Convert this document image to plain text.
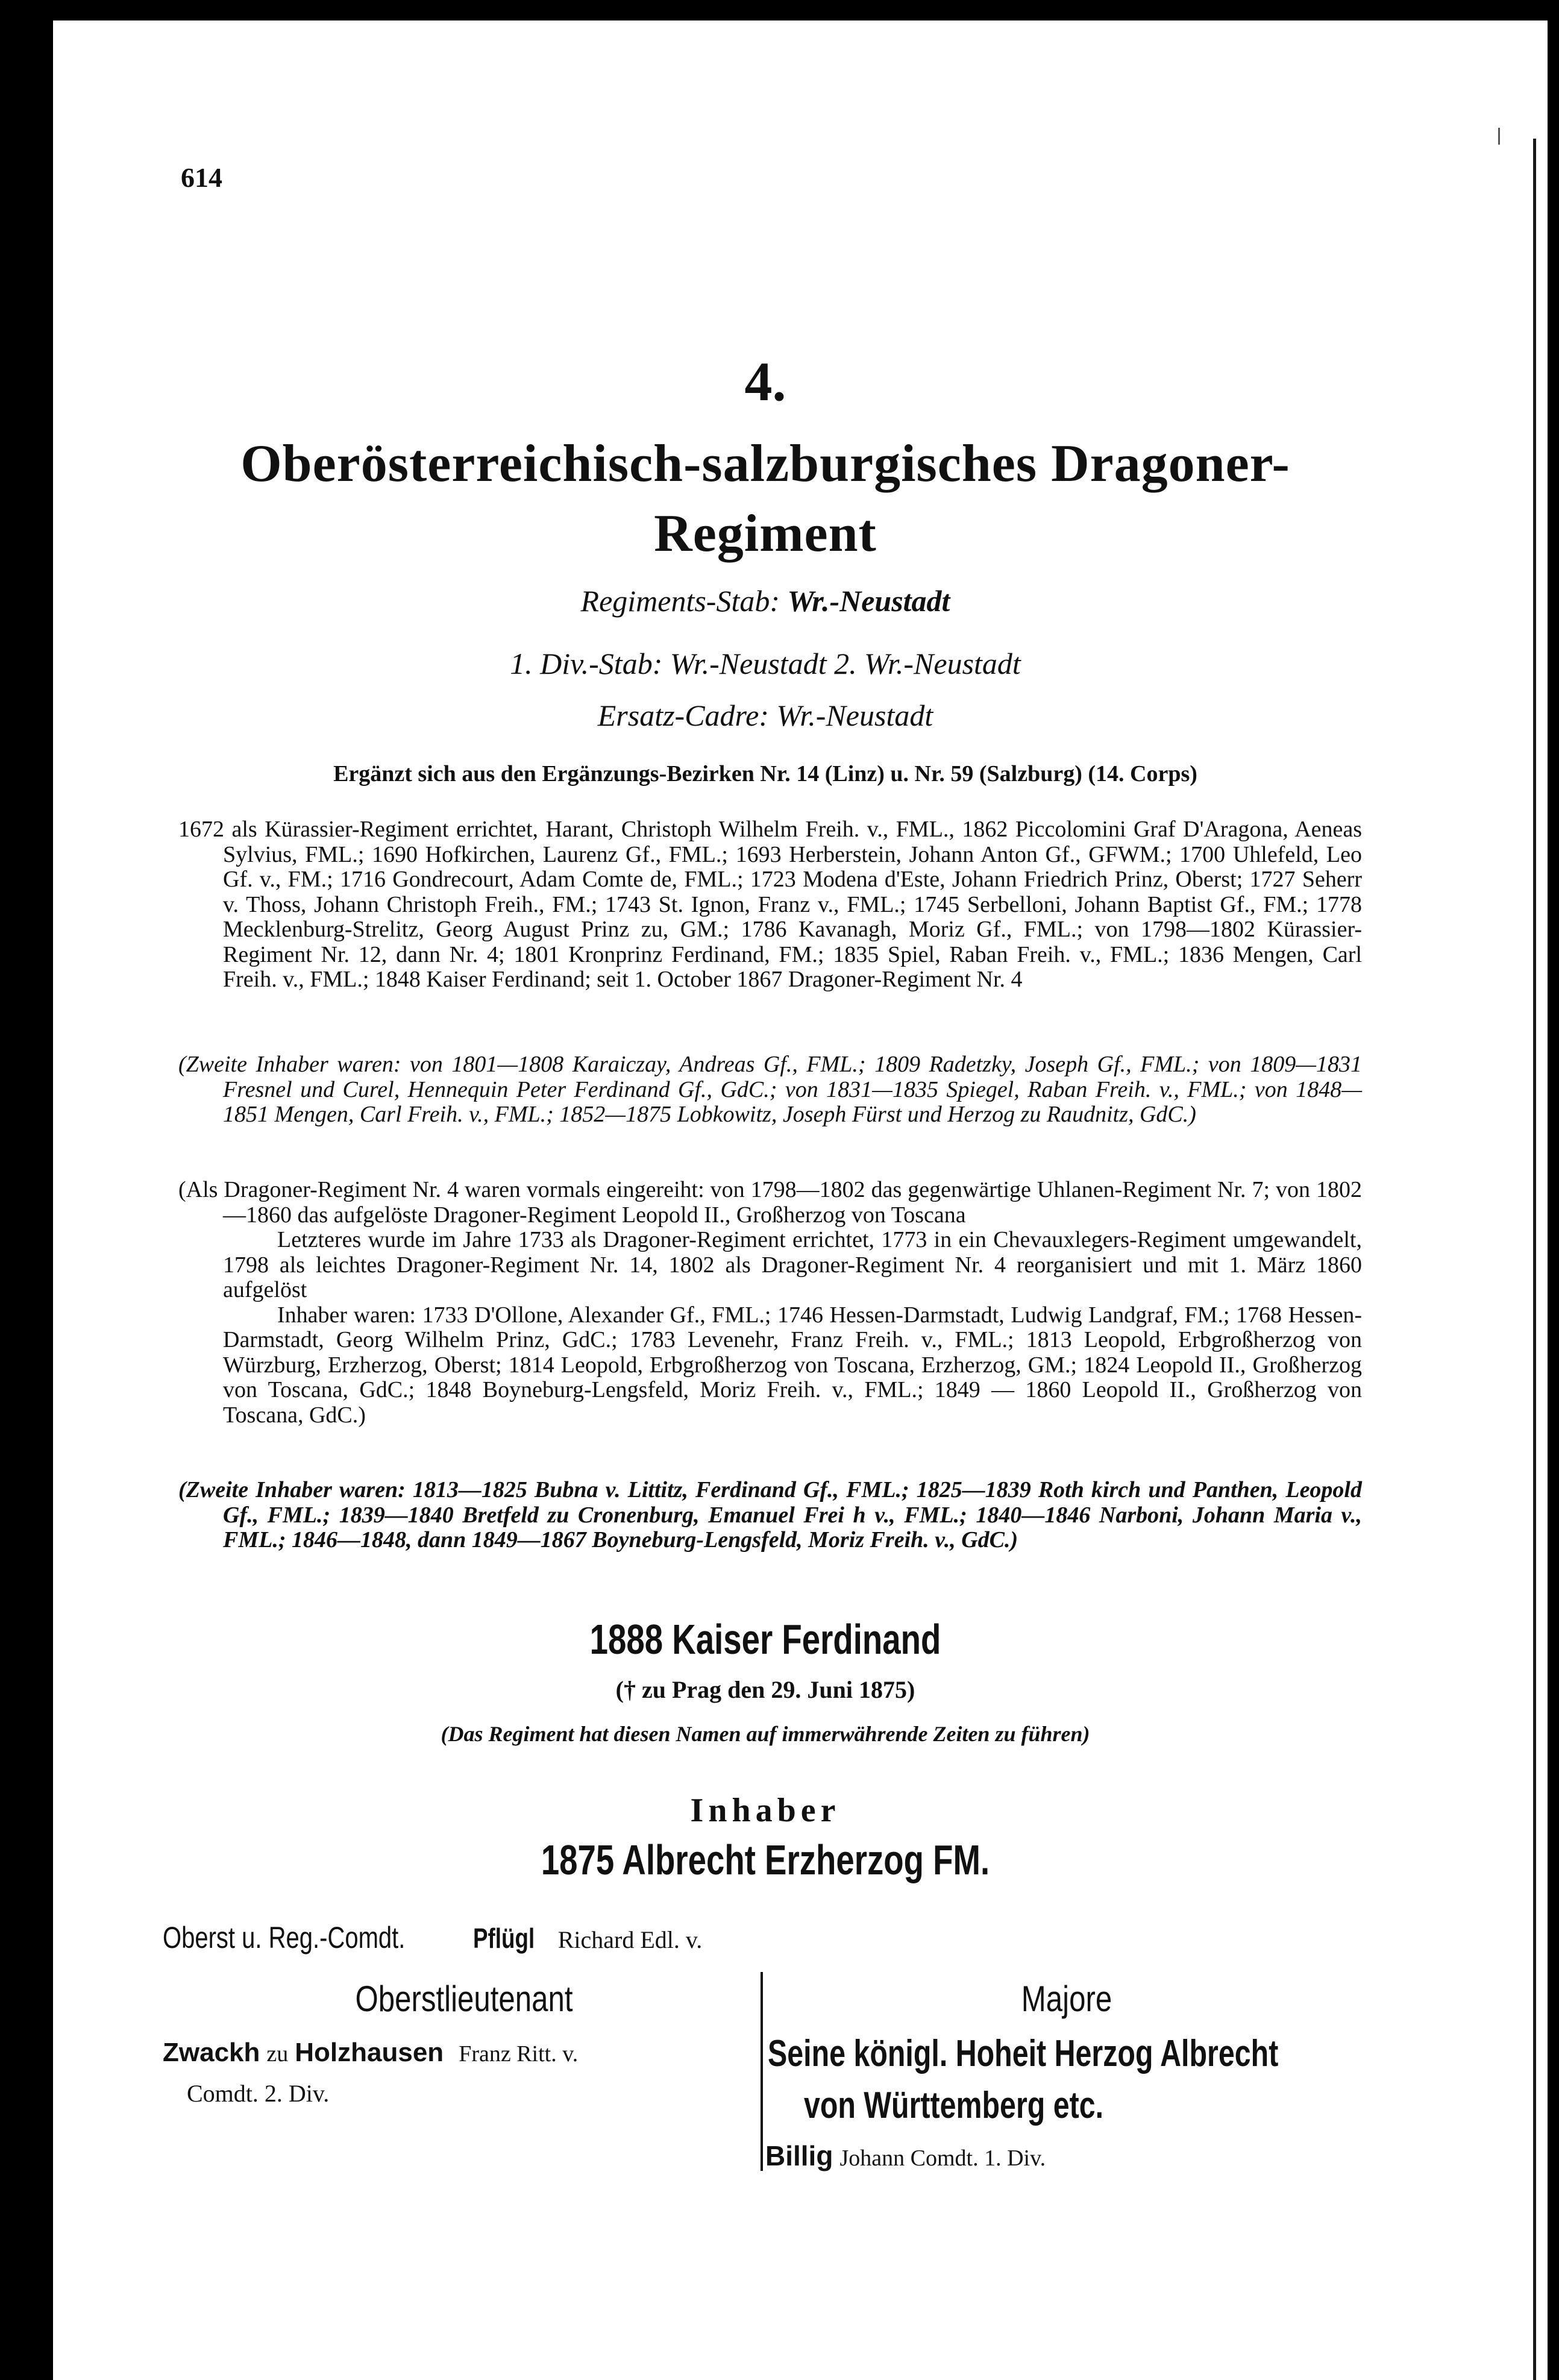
614
4.
Oberösterreichisch-salzburgisches Dragoner-
Regiment
Regiments-Stab: Wr.-Neustadt
1. Div.-Stab: Wr.-Neustadt 2. Wr.-Neustadt
Ersatz-Cadre: Wr.-Neustadt
Ergänzt sich aus den Ergänzungs-Bezirken Nr. 14 (Linz) u. Nr. 59 (Salzburg) (14. Corps)

1672 als Kürassier-Regiment errichtet, Harant, Christoph Wilhelm Freih. v., FML., 1862 Piccolomini Graf D'Aragona, Aeneas Sylvius, FML.; 1690 Hofkirchen, Laurenz Gf., FML.; 1693 Herberstein, Johann Anton Gf., GFWM.; 1700 Uhlefeld, Leo Gf. v., FM.; 1716 Gondrecourt, Adam Comte de, FML.; 1723 Modena d'Este, Johann Friedrich Prinz, Oberst; 1727 Seherr v. Thoss, Johann Christoph Freih., FM.; 1743 St. Ignon, Franz v., FML.; 1745 Serbelloni, Johann Baptist Gf., FM.; 1778 Mecklenburg-Strelitz, Georg August Prinz zu, GM.; 1786 Kavanagh, Moriz Gf., FML.; von 1798—1802 Kürassier-Regiment Nr. 12, dann Nr. 4; 1801 Kronprinz Ferdinand, FM.; 1835 Spiel, Raban Freih. v., FML.; 1836 Mengen, Carl Freih. v., FML.; 1848 Kaiser Ferdinand; seit 1. October 1867 Dragoner-Regiment Nr. 4

(Zweite Inhaber waren: von 1801—1808 Karaiczay, Andreas Gf., FML.; 1809 Radetzky, Joseph Gf., FML.; von 1809—1831 Fresnel und Curel, Hennequin Peter Ferdinand Gf., GdC.; von 1831—1835 Spiegel, Raban Freih. v., FML.; von 1848—1851 Mengen, Carl Freih. v., FML.; 1852—1875 Lobkowitz, Joseph Fürst und Herzog zu Raudnitz, GdC.)

(Als Dragoner-Regiment Nr. 4 waren vormals eingereiht: von 1798—1802 das gegenwärtige Uhlanen-Regiment Nr. 7; von 1802—1860 das aufgelöste Dragoner-Regiment Leopold II., Großherzog von Toscana

Letzteres wurde im Jahre 1733 als Dragoner-Regiment errichtet, 1773 in ein Chevauxlegers-Regiment umgewandelt, 1798 als leichtes Dragoner-Regiment Nr. 14, 1802 als Dragoner-Regiment Nr. 4 reorganisiert und mit 1. März 1860 aufgelöst

Inhaber waren: 1733 D'Ollone, Alexander Gf., FML.; 1746 Hessen-Darmstadt, Ludwig Landgraf, FM.; 1768 Hessen-Darmstadt, Georg Wilhelm Prinz, GdC.; 1783 Levenehr, Franz Freih. v., FML.; 1813 Leopold, Erbgroßherzog von Würzburg, Erzherzog, Oberst; 1814 Leopold, Erbgroßherzog von Toscana, Erzherzog, GM.; 1824 Leopold II., Großherzog von Toscana, GdC.; 1848 Boyneburg-Lengsfeld, Moriz Freih. v., FML.; 1849 — 1860 Leopold II., Großherzog von Toscana, GdC.)

(Zweite Inhaber waren: 1813—1825 Bubna v. Littitz, Ferdinand Gf., FML.; 1825—1839 Roth kirch und Panthen, Leopold Gf., FML.; 1839—1840 Bretfeld zu Cronenburg, Emanuel Frei h v., FML.; 1840—1846 Narboni, Johann Maria v., FML.; 1846—1848, dann 1849—1867 Boyneburg-Lengsfeld, Moriz Freih. v., GdC.)

1888 Kaiser Ferdinand
(† zu Prag den 29. Juni 1875)
(Das Regiment hat diesen Namen auf immerwährende Zeiten zu führen)
Inhaber
1875 Albrecht Erzherzog FM.
Oberst u. Reg.-Comdt. Pflügl Richard Edl. v.
Oberstlieutenant	Majore
Zwackh zu Holzhausen Franz Ritt. v.
Comdt. 2. Div.
Seine königl. Hoheit Herzog Albrecht
von Württemberg etc.
Billig Johann Comdt. 1. Div.
